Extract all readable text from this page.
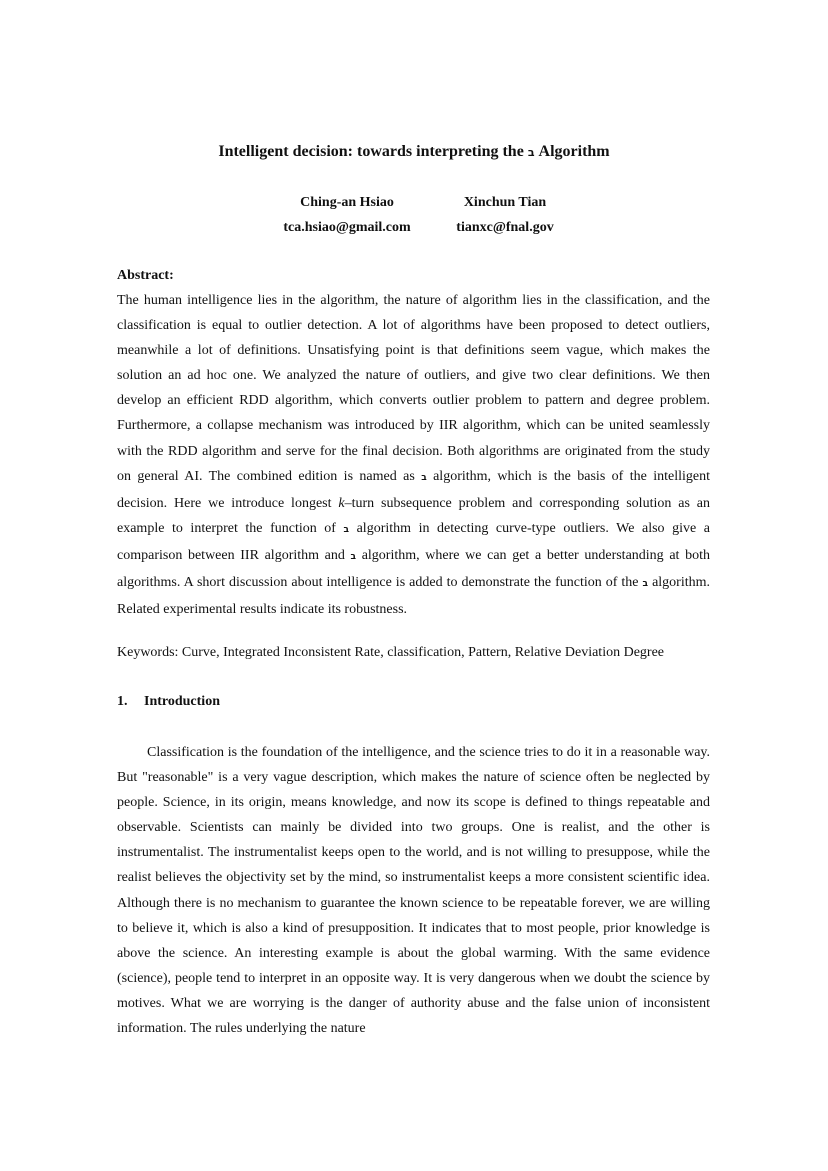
Intelligent decision: towards interpreting the ב Algorithm
Ching-an Hsiao
tca.hsiao@gmail.com
Xinchun Tian
tianxc@fnal.gov
Abstract:

The human intelligence lies in the algorithm, the nature of algorithm lies in the classification, and the classification is equal to outlier detection. A lot of algorithms have been proposed to detect outliers, meanwhile a lot of definitions. Unsatisfying point is that definitions seem vague, which makes the solution an ad hoc one. We analyzed the nature of outliers, and give two clear definitions. We then develop an efficient RDD algorithm, which converts outlier problem to pattern and degree problem. Furthermore, a collapse mechanism was introduced by IIR algorithm, which can be united seamlessly with the RDD algorithm and serve for the final decision. Both algorithms are originated from the study on general AI. The combined edition is named as ב algorithm, which is the basis of the intelligent decision. Here we introduce longest k–turn subsequence problem and corresponding solution as an example to interpret the function of ב algorithm in detecting curve-type outliers. We also give a comparison between IIR algorithm and ב algorithm, where we can get a better understanding at both algorithms. A short discussion about intelligence is added to demonstrate the function of the ב algorithm. Related experimental results indicate its robustness.

Keywords: Curve, Integrated Inconsistent Rate, classification, Pattern, Relative Deviation Degree

1. Introduction

Classification is the foundation of the intelligence, and the science tries to do it in a reasonable way. But "reasonable" is a very vague description, which makes the nature of science often be neglected by people. Science, in its origin, means knowledge, and now its scope is defined to things repeatable and observable. Scientists can mainly be divided into two groups. One is realist, and the other is instrumentalist. The instrumentalist keeps open to the world, and is not willing to presuppose, while the realist believes the objectivity set by the mind, so instrumentalist keeps a more consistent scientific idea. Although there is no mechanism to guarantee the known science to be repeatable forever, we are willing to believe it, which is also a kind of presupposition. It indicates that to most people, prior knowledge is above the science. An interesting example is about the global warming. With the same evidence (science), people tend to interpret in an opposite way. It is very dangerous when we doubt the science by motives. What we are worrying is the danger of authority abuse and the false union of inconsistent information. The rules underlying the nature
